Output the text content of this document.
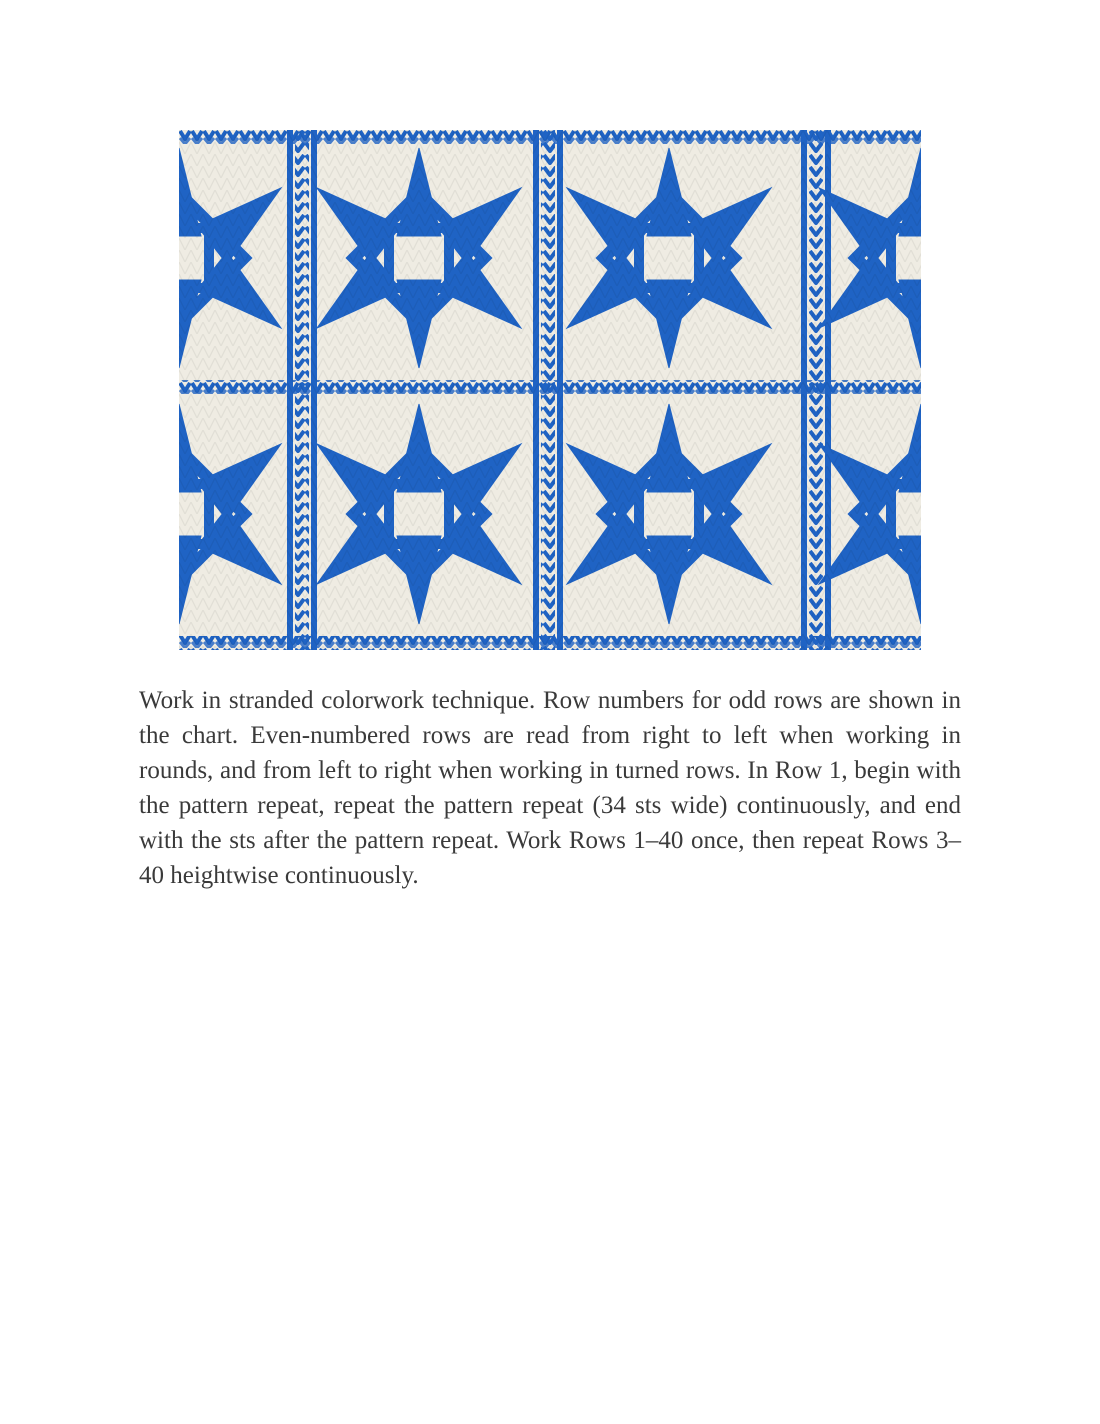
Work in stranded colorwork technique. Row numbers for odd rows are shown in the chart. Even-numbered rows are read from right to left when working in rounds, and from left to right when working in turned rows. In Row 1, begin with the pattern repeat, repeat the pattern repeat (34 sts wide) continuously, and end with the sts after the pattern repeat. Work Rows 1–40 once, then repeat Rows 3–40 heightwise continuously.
